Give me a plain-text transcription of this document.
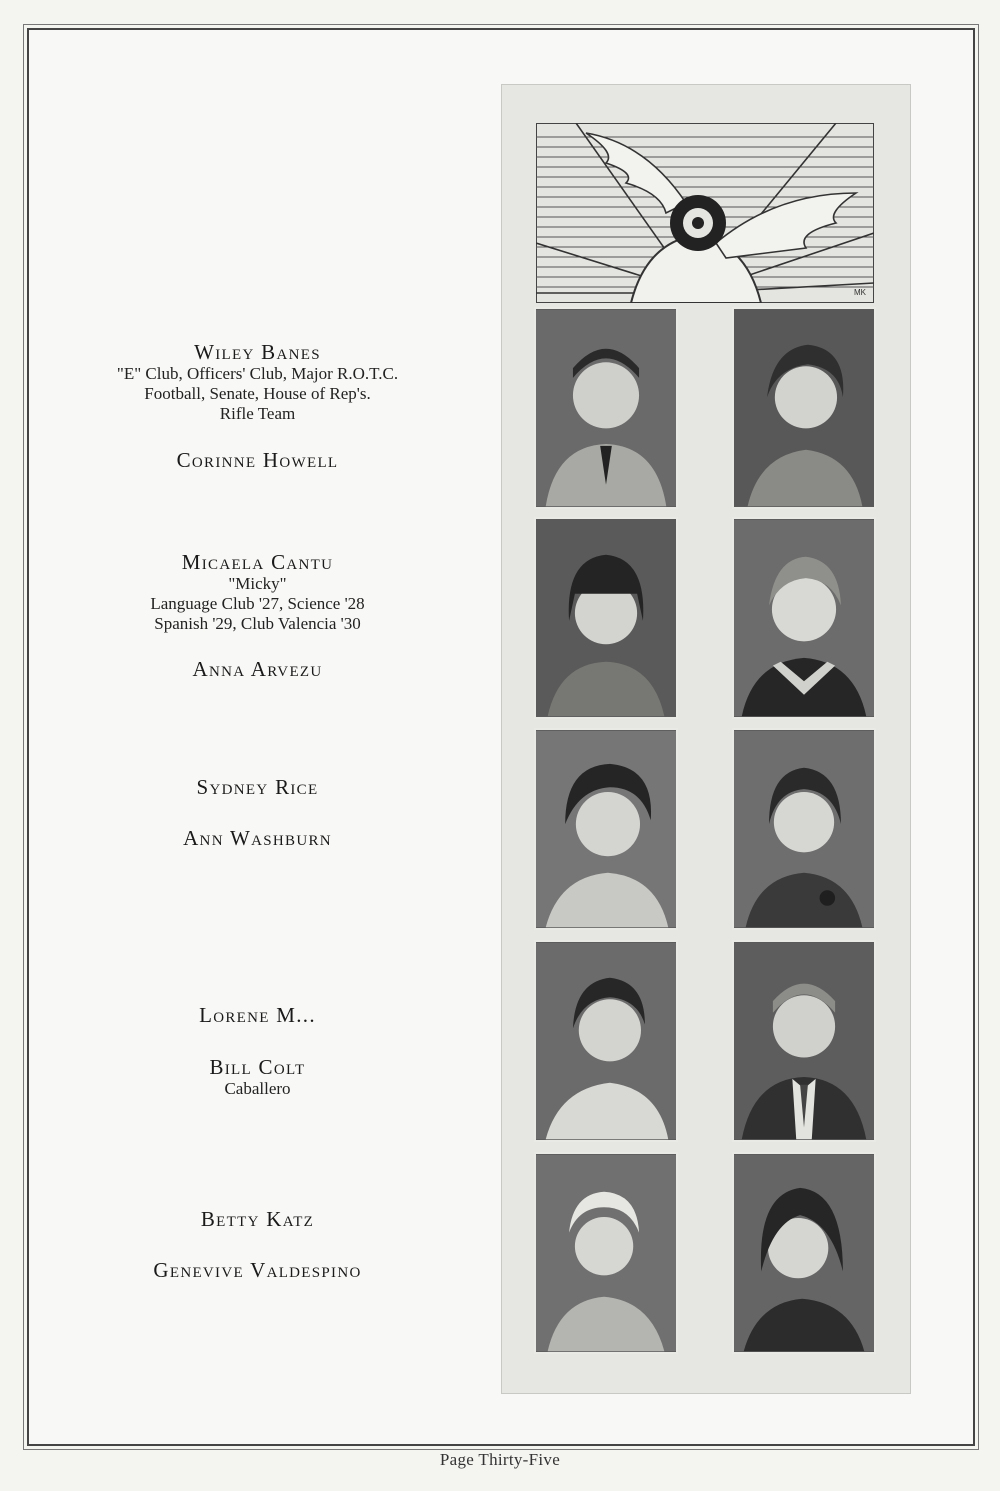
Wiley Banes
"E" Club, Officers' Club, Major R.O.T.C.
Football, Senate, House of Rep's.
Rifle Team
Corinne Howell
Micaela Cantu
"Micky"
Language Club '27, Science '28
Spanish '29, Club Valencia '30
Anna Arvezu
Sydney Rice
Ann Washburn
Lorene M...
Bill Colt
Caballero
Betty Katz
Genevive Valdespino
MK
Page Thirty-Five
